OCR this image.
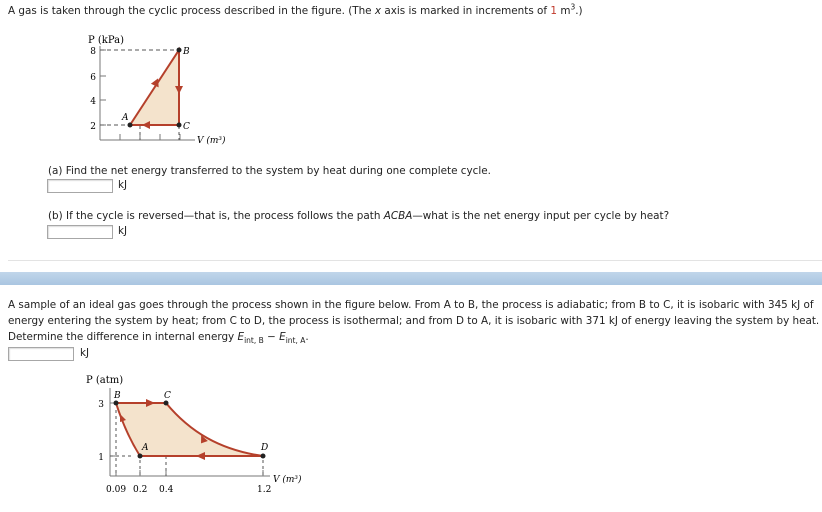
A gas is taken through the cyclic process described in the figure. (The x axis is marked in increments of 1 $m^3$.)
P (kPa)
8
6
4
2
A
B
C
V (m³)
(a) Find the net energy transferred to the system by heat during one complete cycle.
kJ
(b) If the cycle is reversed—that is, the process follows the path ACBA—what is the net energy input per cycle by heat?
kJ
A sample of an ideal gas goes through the process shown in the figure below. From A to B, the process is adiabatic; from B to C, it is isobaric with 345 kJ of
energy entering the system by heat; from C to D, the process is isothermal; and from D to A, it is isobaric with 371 kJ of energy leaving the system by heat.
Determine the difference in internal energy $E_{int, B} - E_{int, A}$.
kJ
P (atm)
3
1
A
B	C
D
0.09 0.2 0.4	1.2
V (m³)
